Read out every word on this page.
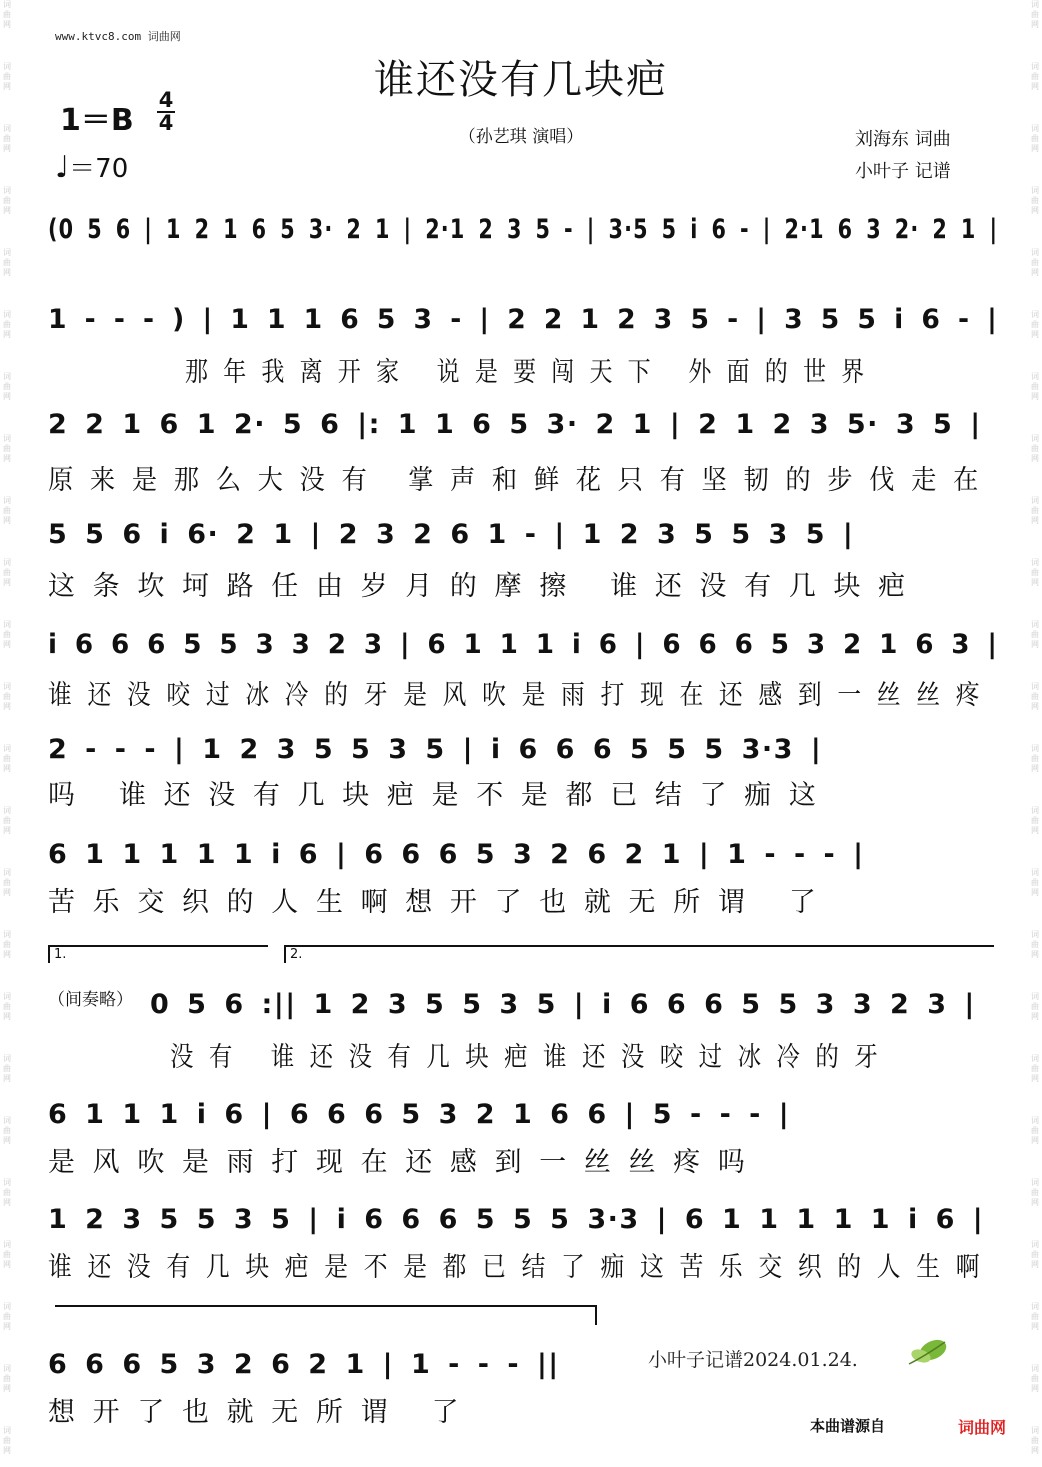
词
曲
网
词
曲
网
词
曲
网
词
曲
网
词
曲
网
词
曲
网
词
曲
网
词
曲
网
词
曲
网
词
曲
网
词
曲
网
词
曲
网
词
曲
网
词
曲
网
词
曲
网
词
曲
网
词
曲
网
词
曲
网
词
曲
网
词
曲
网
词
曲
网
词
曲
网
词
曲
网
词
曲
网
词
曲
网
词
曲
网
词
曲
网
词
曲
网
词
曲
网
词
曲
网
词
曲
网
词
曲
网
词
曲
网
词
曲
网
词
曲
网
词
曲
网
词
曲
网
词
曲
网
词
曲
网
词
曲
网
词
曲
网
词
曲
网
词
曲
网
词
曲
网
词
曲
网
词
曲
网
词
曲
网
词
曲
网
www.ktvc8.com 词曲网
谁还没有几块疤
（孙艺琪 演唱）
1＝B
4
4
♩＝70
刘海东 词曲
小叶子 记谱
(0 5 6 | 1 2 1 6 5 3· 2 1 | 2·1 2 3 5 - | 3·5 5 i 6 - | 2·1 6 3 2· 2 1 |
1 - - - ) | 1 1 1 6 5 3 - | 2 2 1 2 3 5 - | 3 5 5 i 6 - |
那年我离开家 说是要闯天下 外面的世界
2 2 1 6 1 2· 5 6 |: 1 1 6 5 3· 2 1 | 2 1 2 3 5· 3 5 |
原来是那么大没有 掌声和鲜花只有坚韧的步伐走在
5 5 6 i 6· 2 1 | 2 3 2 6 1 - | 1 2 3 5 5 3 5 |
这条坎坷路任由岁月的摩擦 谁还没有几块疤
i 6 6 6 5 5 3 3 2 3 | 6 1 1 1 i 6 | 6 6 6 5 3 2 1 6 3 |
谁还没咬过冰冷的牙是风吹是雨打现在还感到一丝丝疼
2 - - - | 1 2 3 5 5 3 5 | i 6 6 6 5 5 5 3·3 |
吗 谁还没有几块疤是不是都已结了痂这
6 1 1 1 1 1 i 6 | 6 6 6 5 3 2 6 2 1 | 1 - - - |
苦乐交织的人生啊想开了也就无所谓 了
0 5 6 :|| 1 2 3 5 5 3 5 | i 6 6 6 5 5 3 3 2 3 |
没有 谁还没有几块疤谁还没咬过冰冷的牙
6 1 1 1 i 6 | 6 6 6 5 3 2 1 6 6 | 5 - - - |
是风吹是雨打现在还感到一丝丝疼吗
1 2 3 5 5 3 5 | i 6 6 6 5 5 5 3·3 | 6 1 1 1 1 1 i 6 |
谁还没有几块疤是不是都已结了痂这苦乐交织的人生啊
6 6 6 5 3 2 6 2 1 | 1 - - - ||
想开了也就无所谓 了
1.	2.
（间奏略）
小叶子记谱2024.01.24.
本曲谱源自	词曲网
